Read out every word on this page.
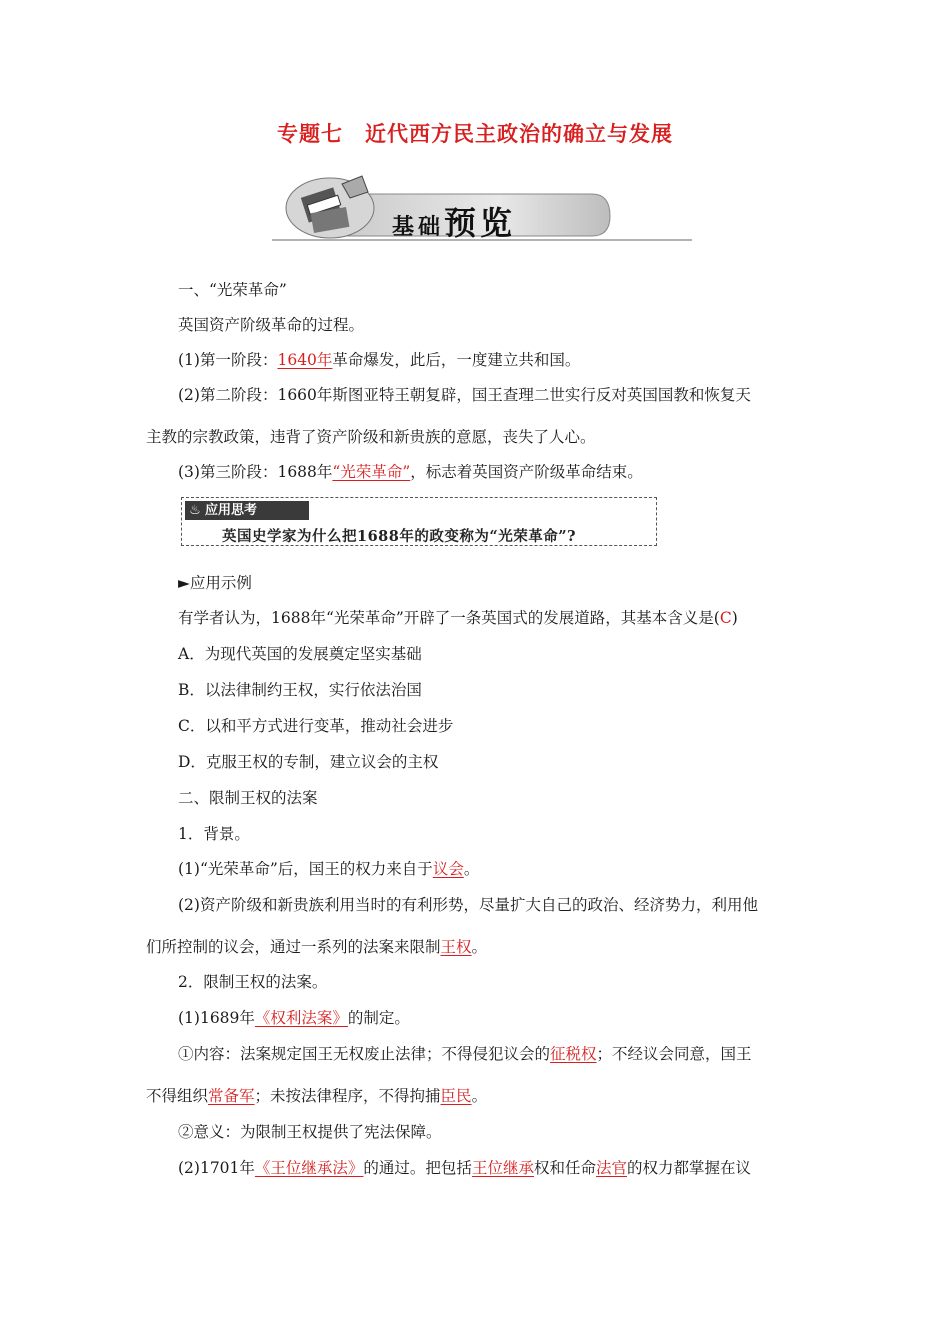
专题七 近代西方民主政治的确立与发展
基础预览
一、“光荣革命”
英国资产阶级革命的过程。
(1)第一阶段：1640年革命爆发，此后，一度建立共和国。
(2)第二阶段：1660年斯图亚特王朝复辟，国王查理二世实行反对英国国教和恢复天
主教的宗教政策，违背了资产阶级和新贵族的意愿，丧失了人心。
(3)第三阶段：1688年“光荣革命”，标志着英国资产阶级革命结束。
♨ 应用思考
英国史学家为什么把1688年的政变称为“光荣革命”?
►应用示例
有学者认为，1688年“光荣革命”开辟了一条英国式的发展道路，其基本含义是(C)
A．为现代英国的发展奠定坚实基础
B．以法律制约王权，实行依法治国
C．以和平方式进行变革，推动社会进步
D．克服王权的专制，建立议会的主权
二、限制王权的法案
1．背景。
(1)“光荣革命”后，国王的权力来自于议会。
(2)资产阶级和新贵族利用当时的有利形势，尽量扩大自己的政治、经济势力，利用他
们所控制的议会，通过一系列的法案来限制王权。
2．限制王权的法案。
(1)1689年《权利法案》的制定。
①内容：法案规定国王无权废止法律；不得侵犯议会的征税权；不经议会同意，国王
不得组织常备军；未按法律程序，不得拘捕臣民。
②意义：为限制王权提供了宪法保障。
(2)1701年《王位继承法》的通过。把包括王位继承权和任命法官的权力都掌握在议
